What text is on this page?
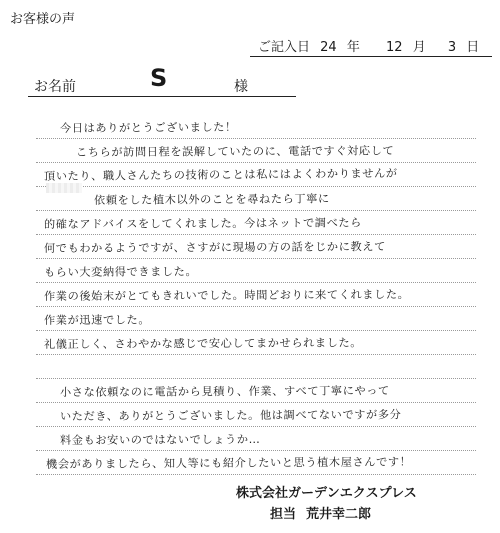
お客様の声
ご記入日 24 年 12 月 3 日
お名前	S	様
今日はありがとうございました！
こちらが訪問日程を誤解していたのに、電話ですぐ対応して
頂いたり、職人さんたちの技術のことは私にはよくわかりませんが
依頼をした植木以外のことを尋ねたら丁寧に
的確なアドバイスをしてくれました。今はネットで調べたら
何でもわかるようですが、さすがに現場の方の話をじかに教えて
もらい大変納得できました。
作業の後始末がとてもきれいでした。時間どおりに来てくれました。
作業が迅速でした。
礼儀正しく、さわやかな感じで安心してまかせられました。
小さな依頼なのに電話から見積り、作業、すべて丁寧にやって
いただき、ありがとうございました。他は調べてないですが多分
料金もお安いのではないでしょうか…
機会がありましたら、知人等にも紹介したいと思う植木屋さんです！
株式会社ガーデンエクスプレス
担当 荒井幸二郎
